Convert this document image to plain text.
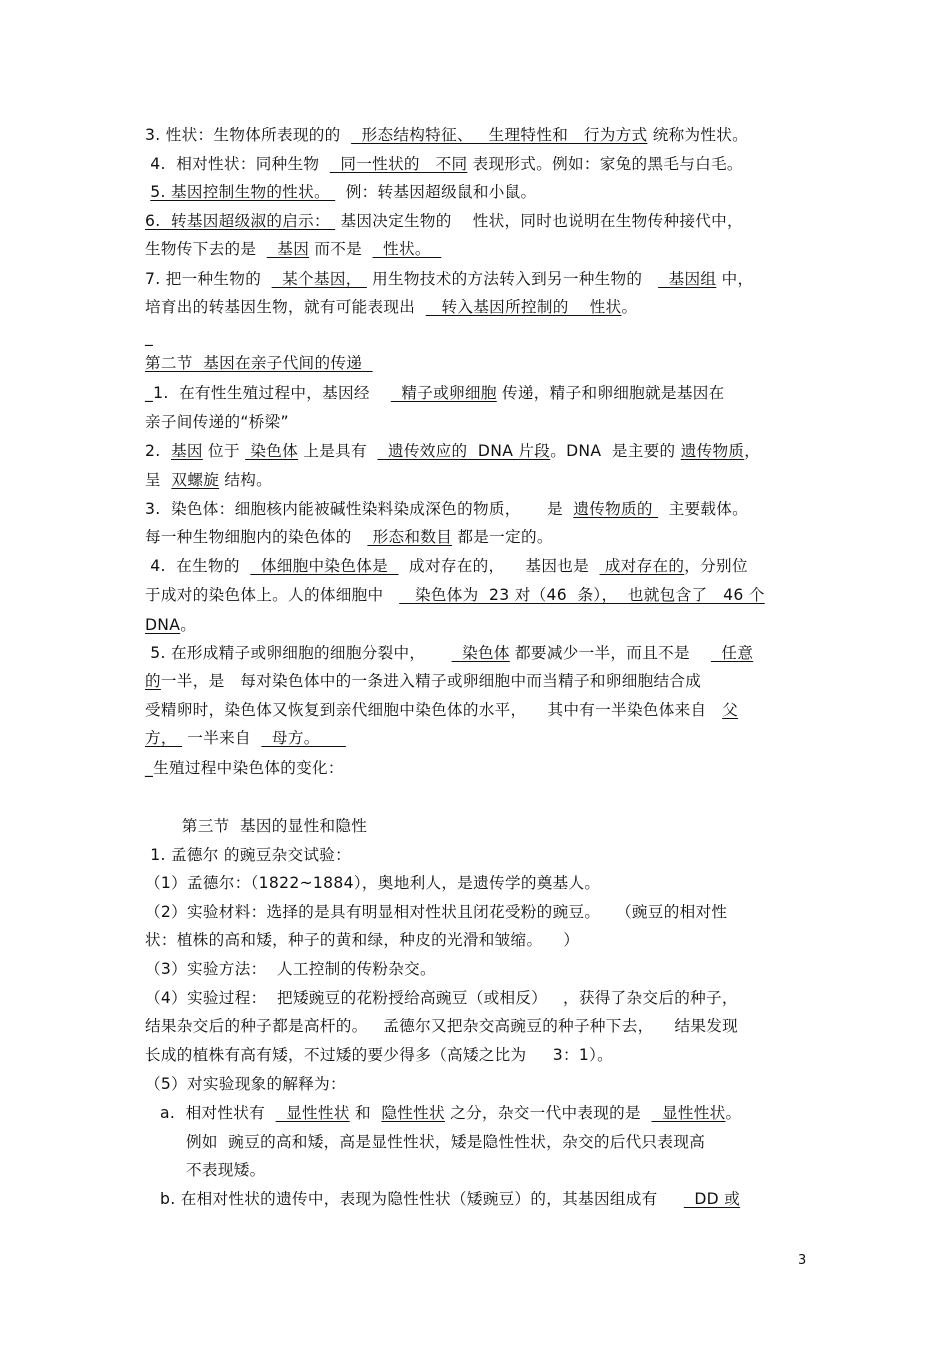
3. 性状：生物体所表现的的    形态结构特征、   生理特性和   行为方式 统称为性状。
4.  相对性状：同种生物    同一性状的   不同 表现形式。例如：家兔的黑毛与白毛。
5. 基因控制生物的性状。   例：转基因超级鼠和小鼠。
6.  转基因超级淑的启示：  基因决定生物的    性状，同时也说明在生物传种接代中，
生物传下去的是    基因 而不是    性状。
7. 把一种生物的    某个基因，  用生物技术的方法转入到另一种生物的     基因组 中，
培育出的转基因生物，就有可能表现出     转入基因所控制的    性状。
_
第二节  基因在亲子代间的传递
_1.  在有性生殖过程中，基因经      精子或卵细胞 传递，精子和卵细胞就是基因在
亲子间传递的“桥梁”
2.  基因 位于  染色体 上是具有    遗传效应的  DNA 片段。DNA  是主要的 遗传物质，
呈  双螺旋 结构。
3.  染色体：细胞核内能被碱性染料染成深色的物质，     是  遗传物质的   主要载体。
每一种生物细胞内的染色体的    形态和数目 都是一定的。
4.  在生物的    体细胞中染色体是    成对存在的，    基因也是   成对存在的，分别位
于成对的染色体上。人的体细胞中      染色体为  23 对（46  条），  也就包含了   46 个
DNA。
5. 在形成精子或卵细胞的细胞分裂中，       染色体 都要减少一半，而且不是      任意
的一半，是   每对染色体中的一条进入精子或卵细胞中而当精子和卵细胞结合成
受精卵时，染色体又恢复到亲代细胞中染色体的水平，    其中有一半染色体来自   父
方，  一半来自    母方。
_生殖过程中染色体的变化：
第三节  基因的显性和隐性
1. 孟德尔 的豌豆杂交试验：
（1）孟德尔：（1822~1884），奥地利人，是遗传学的奠基人。
（2）实验材料：选择的是具有明显相对性状且闭花受粉的豌豆。   （豌豆的相对性
状：植株的高和矮，种子的黄和绿，种皮的光滑和皱缩。    ）
（3）实验方法：  人工控制的传粉杂交。
（4）实验过程：  把矮豌豆的花粉授给高豌豆（或相反）   ，获得了杂交后的种子，
结果杂交后的种子都是高杆的。   孟德尔又把杂交高豌豆的种子种下去，    结果发现
长成的植株有高有矮，不过矮的要少得多（高矮之比为     3：1）。
（5）对实验现象的解释为：
a.  相对性状有    显性性状 和  隐性性状 之分，杂交一代中表现的是    显性性状。
例如  豌豆的高和矮，高是显性性状，矮是隐性性状，杂交的后代只表现高
不表现矮。
b. 在相对性状的遗传中，表现为隐性性状（矮豌豆）的，其基因组成有       DD 或
3
